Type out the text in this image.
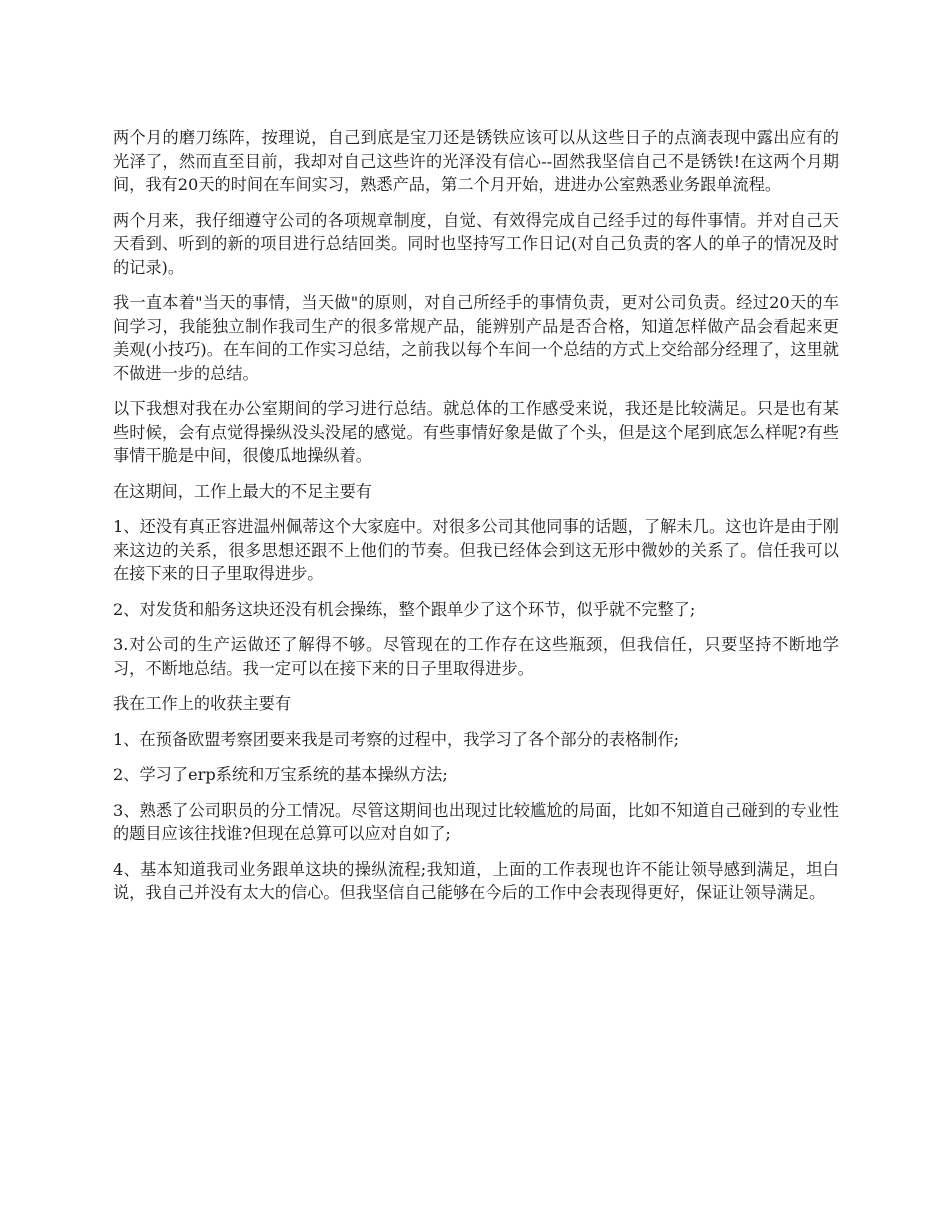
两个月的磨刀练阵，按理说，自己到底是宝刀还是锈铁应该可以从这些日子的点滴表现中露出应有的光泽了，然而直至目前，我却对自己这些许的光泽没有信心--固然我坚信自己不是锈铁!在这两个月期间，我有20天的时间在车间实习，熟悉产品，第二个月开始，进进办公室熟悉业务跟单流程。

两个月来，我仔细遵守公司的各项规章制度，自觉、有效得完成自己经手过的每件事情。并对自己天天看到、听到的新的项目进行总结回类。同时也坚持写工作日记(对自己负责的客人的单子的情况及时的记录)。

我一直本着"当天的事情，当天做"的原则，对自己所经手的事情负责，更对公司负责。经过20天的车间学习，我能独立制作我司生产的很多常规产品，能辨别产品是否合格，知道怎样做产品会看起来更美观(小技巧)。在车间的工作实习总结，之前我以每个车间一个总结的方式上交给部分经理了，这里就不做进一步的总结。

以下我想对我在办公室期间的学习进行总结。就总体的工作感受来说，我还是比较满足。只是也有某些时候，会有点觉得操纵没头没尾的感觉。有些事情好象是做了个头，但是这个尾到底怎么样呢?有些事情干脆是中间，很傻瓜地操纵着。

在这期间，工作上最大的不足主要有

1、还没有真正容进温州佩蒂这个大家庭中。对很多公司其他同事的话题，了解未几。这也许是由于刚来这边的关系，很多思想还跟不上他们的节奏。但我已经体会到这无形中微妙的关系了。信任我可以在接下来的日子里取得进步。

2、对发货和船务这块还没有机会操练，整个跟单少了这个环节，似乎就不完整了;

3.对公司的生产运做还了解得不够。尽管现在的工作存在这些瓶颈，但我信任，只要坚持不断地学习，不断地总结。我一定可以在接下来的日子里取得进步。

我在工作上的收获主要有

1、在预备欧盟考察团要来我是司考察的过程中，我学习了各个部分的表格制作;

2、学习了erp系统和万宝系统的基本操纵方法;

3、熟悉了公司职员的分工情况。尽管这期间也出现过比较尴尬的局面，比如不知道自己碰到的专业性的题目应该往找谁?但现在总算可以应对自如了;

4、基本知道我司业务跟单这块的操纵流程;我知道，上面的工作表现也许不能让领导感到满足，坦白说，我自己并没有太大的信心。但我坚信自己能够在今后的工作中会表现得更好，保证让领导满足。
